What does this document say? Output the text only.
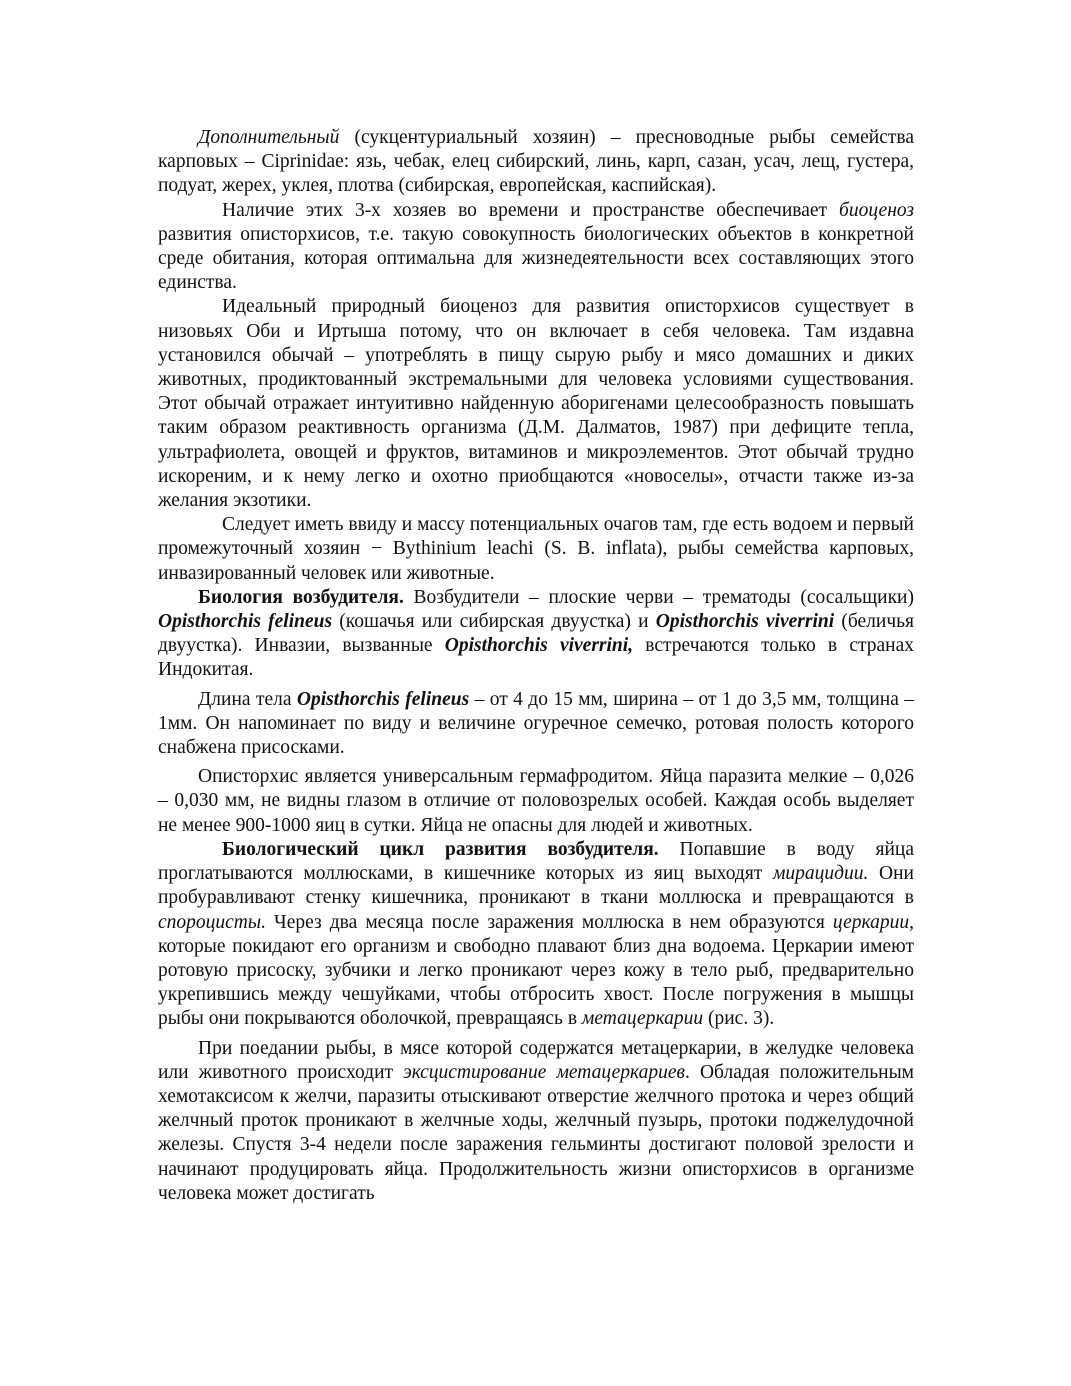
Дополнительный (сукцентуриальный хозяин) – пресноводные рыбы семейства карповых – Ciprinidae: язь, чебак, елец сибирский, линь, карп, сазан, усач, лещ, густера, подуат, жерех, уклея, плотва (сибирская, европейская, каспийская).

Наличие этих 3-х хозяев во времени и пространстве обеспечивает биоценоз развития описторхисов, т.е. такую совокупность биологических объектов в конкретной среде обитания, которая оптимальна для жизнедеятельности всех составляющих этого единства.

Идеальный природный биоценоз для развития описторхисов существует в низовьях Оби и Иртыша потому, что он включает в себя человека. Там издавна установился обычай – употреблять в пищу сырую рыбу и мясо домашних и диких животных, продиктованный экстремальными для человека условиями существования. Этот обычай отражает интуитивно найденную аборигенами целесообразность повышать таким образом реактивность организма (Д.М. Далматов, 1987) при дефиците тепла, ультрафиолета, овощей и фруктов, витаминов и микроэлементов. Этот обычай трудно искореним, и к нему легко и охотно приобщаются «новоселы», отчасти также из-за желания экзотики.

Следует иметь ввиду и массу потенциальных очагов там, где есть водоем и первый промежуточный хозяин − Bythinium leachi (S. B. inflata), рыбы семейства карповых, инвазированный человек или животные.

Биология возбудителя. Возбудители – плоские черви – трематоды (сосальщики) Opisthorchis felineus (кошачья или сибирская двуустка) и Opisthorchis viverrini (беличья двуустка). Инвазии, вызванные Opisthorchis viverrini, встречаются только в странах Индокитая.

Длина тела Opisthorchis felineus – от 4 до 15 мм, ширина – от 1 до 3,5 мм, толщина – 1мм. Он напоминает по виду и величине огуречное семечко, ротовая полость которого снабжена присосками.

Описторхис является универсальным гермафродитом. Яйца паразита мелкие – 0,026 – 0,030 мм, не видны глазом в отличие от половозрелых особей. Каждая особь выделяет не менее 900-1000 яиц в сутки. Яйца не опасны для людей и животных.

Биологический цикл развития возбудителя. Попавшие в воду яйца проглатываются моллюсками, в кишечнике которых из яиц выходят мирацидии. Они пробуравливают стенку кишечника, проникают в ткани моллюска и превращаются в спороцисты. Через два месяца после заражения моллюска в нем образуются церкарии, которые покидают его организм и свободно плавают близ дна водоема. Церкарии имеют ротовую присоску, зубчики и легко проникают через кожу в тело рыб, предварительно укрепившись между чешуйками, чтобы отбросить хвост. После погружения в мышцы рыбы они покрываются оболочкой, превращаясь в метацеркарии (рис. 3).

При поедании рыбы, в мясе которой содержатся метацеркарии, в желудке человека или животного происходит эксцистирование метацеркариев. Обладая положительным хемотаксисом к желчи, паразиты отыскивают отверстие желчного протока и через общий желчный проток проникают в желчные ходы, желчный пузырь, протоки поджелудочной железы. Спустя 3-4 недели после заражения гельминты достигают половой зрелости и начинают продуцировать яйца. Продолжительность жизни описторхисов в организме человека может достигать
